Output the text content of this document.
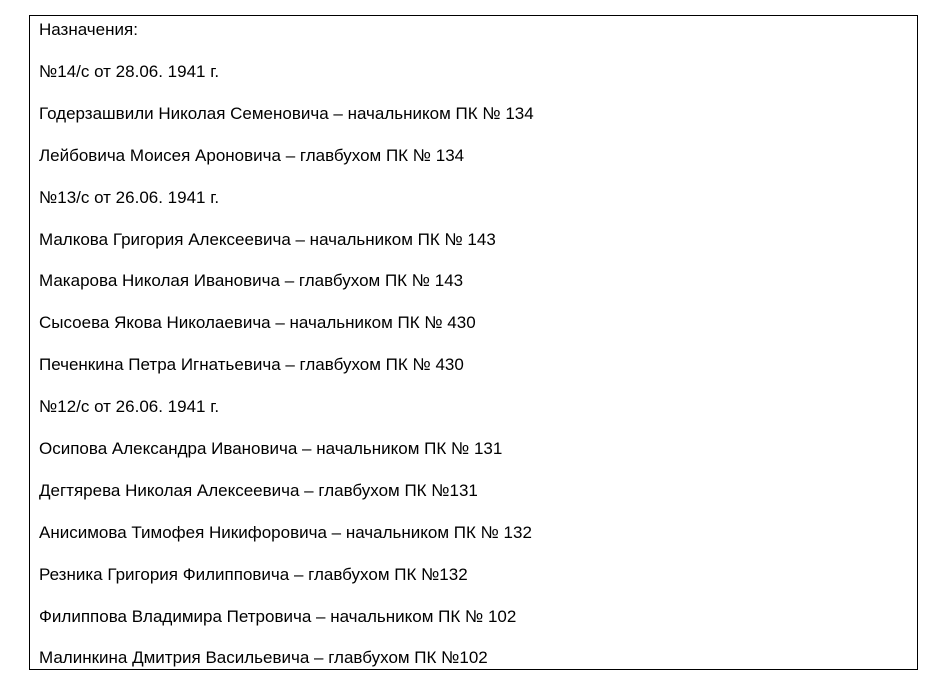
Назначения:
№14/с от 28.06. 1941 г.
Годерзашвили Николая Семеновича – начальником ПК № 134
Лейбовича Моисея Ароновича – главбухом ПК № 134
№13/с от 26.06. 1941 г.
Малкова Григория Алексеевича – начальником ПК № 143
Макарова Николая Ивановича – главбухом ПК № 143
Сысоева Якова Николаевича – начальником ПК № 430
Печенкина Петра Игнатьевича – главбухом ПК № 430
№12/с от 26.06. 1941 г.
Осипова Александра Ивановича – начальником ПК № 131
Дегтярева Николая Алексеевича – главбухом ПК №131
Анисимова Тимофея Никифоровича – начальником ПК № 132
Резника Григория Филипповича – главбухом ПК №132
Филиппова Владимира Петровича – начальником ПК № 102
Малинкина Дмитрия Васильевича – главбухом ПК №102
